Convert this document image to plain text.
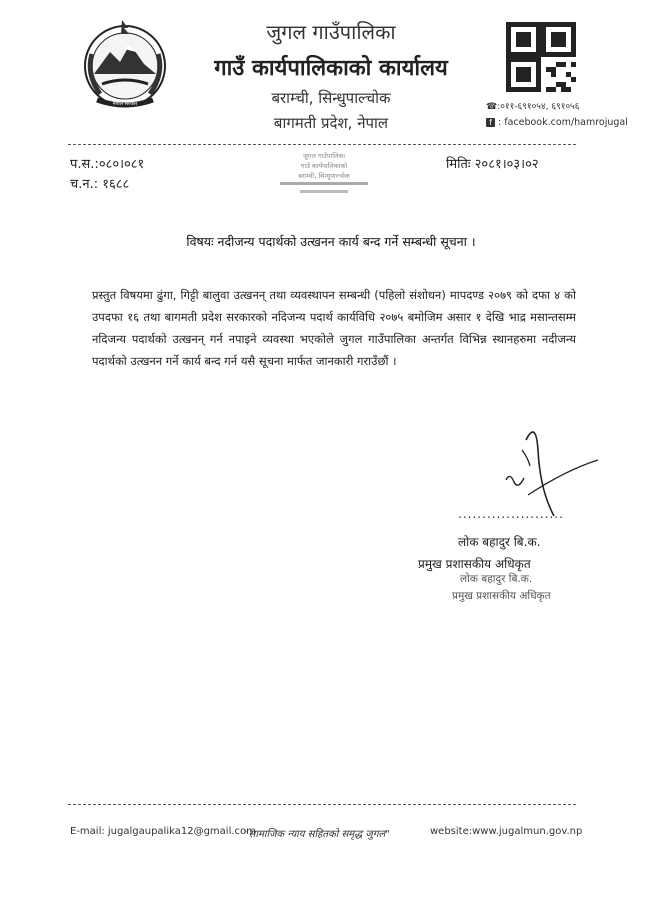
नेपाल सरकार
जुगल गाउँपालिका
गाउँ कार्यपालिकाको कार्यालय
बराम्ची, सिन्धुपाल्चोक
बागमती प्रदेश, नेपाल
☎:०११-६९१०५४, ६९१०५६
f : facebook.com/hamrojugal
प.स.:०८०।०८१
च.न.: १६८८
मितिः २०८१।०३।०२
जुगल गाउँपालिका
गाउँ कार्यपालिकाको
बराम्ची, सिन्धुपाल्चोक
विषयः नदीजन्य पदार्थको उत्खनन कार्य बन्द गर्ने सम्बन्धी सूचना ।
प्रस्तुत विषयमा ढुंगा, गिट्टी बालुवा उत्खनन् तथा व्यवस्थापन सम्बन्धी (पहिलो संशोधन) मापदण्ड २०७९ को दफा ४ को उपदफा १६ तथा बागमती प्रदेश सरकारको नदिजन्य पदार्थ कार्यविधि २०७५ बमोजिम असार १ देखि भाद्र मसान्तसम्म नदिजन्य पदार्थको उत्खनन् गर्न नपाइने व्यवस्था भएकोले जुगल गाउँपालिका अन्तर्गत विभिन्न स्थानहरुमा नदीजन्य पदार्थको उत्खनन गर्ने कार्य बन्द गर्न यसै सूचना मार्फत जानकारी गराउँछौं ।
......................
लोक बहादुर बि.क.
प्रमुख प्रशासकीय अधिकृत
लोक बहादुर बि.क.
प्रमुख प्रशासकीय अधिकृत
E-mail: jugalgaupalika12@gmail.com
"सामाजिक न्याय सहितको समृद्ध जुगल"	website:www.jugalmun.gov.np
